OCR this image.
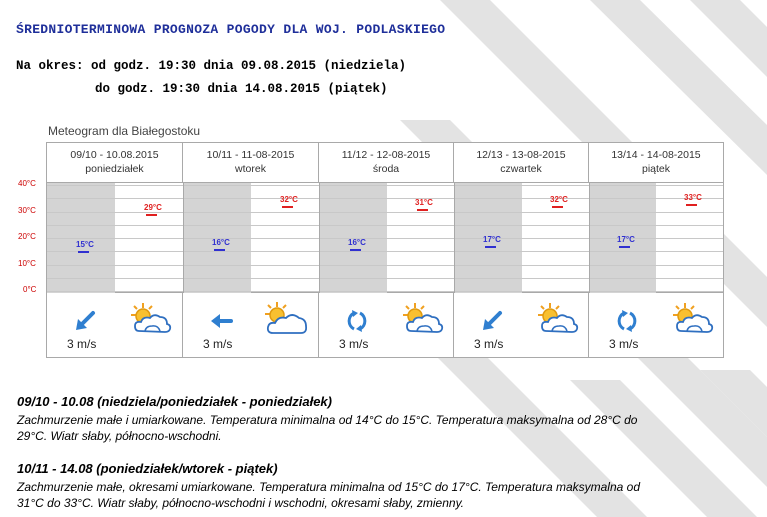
ŚREDNIOTERMINOWA PROGNOZA POGODY DLA WOJ. PODLASKIEGO
Na okres: od godz. 19:30 dnia 09.08.2015 (niedziela)
do godz. 19:30 dnia 14.08.2015 (piątek)
Meteogram dla Białegostoku
09/10 - 10.08.2015
poniedziałek
10/11 - 11-08-2015
wtorek
11/12 - 12-08-2015
środa
12/13 - 13-08-2015
czwartek
13/14 - 14-08-2015
piątek
15°C
29°C
16°C
32°C
16°C
31°C
17°C
32°C
17°C
33°C
3 m/s	3 m/s	3 m/s	3 m/s	3 m/s
40°C
30°C
20°C
10°C
0°C
09/10 - 10.08 (niedziela/poniedziałek - poniedziałek)
Zachmurzenie małe i umiarkowane. Temperatura minimalna od 14°C do 15°C. Temperatura maksymalna od 28°C do
29°C. Wiatr słaby, północno-wschodni.
10/11 - 14.08 (poniedziałek/wtorek - piątek)
Zachmurzenie małe, okresami umiarkowane. Temperatura minimalna od 15°C do 17°C. Temperatura maksymalna od
31°C do 33°C. Wiatr słaby, północno-wschodni i wschodni, okresami słaby, zmienny.
